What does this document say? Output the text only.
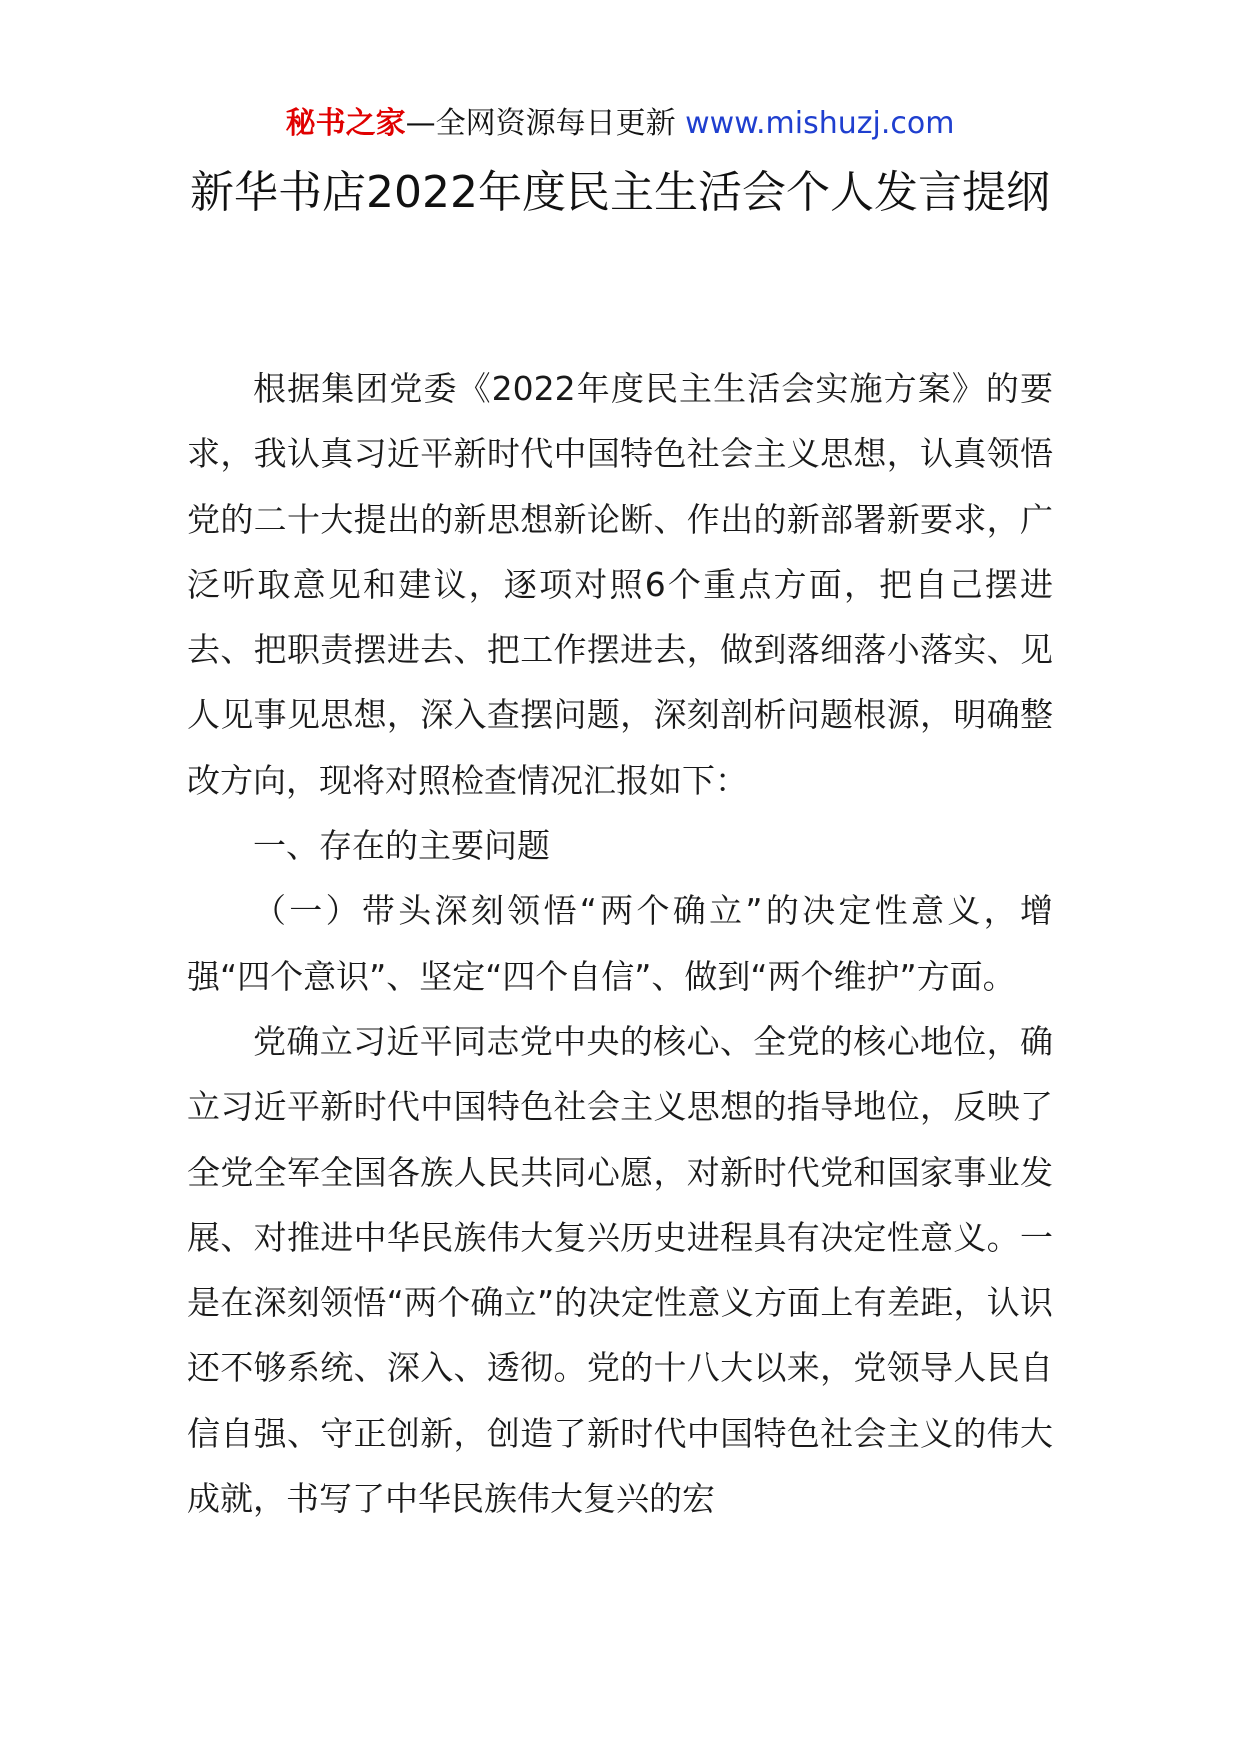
秘书之家—全网资源每日更新 www.mishuzj.com
新华书店2022年度民主生活会个人发言提纲

根据集团党委《2022年度民主生活会实施方案》的要求，我认真习近平新时代中国特色社会主义思想，认真领悟党的二十大提出的新思想新论断、作出的新部署新要求，广泛听取意见和建议，逐项对照6个重点方面，把自己摆进去、把职责摆进去、把工作摆进去，做到落细落小落实、见人见事见思想，深入查摆问题，深刻剖析问题根源，明确整改方向，现将对照检查情况汇报如下：

一、存在的主要问题

（一）带头深刻领悟“两个确立”的决定性意义，增强“四个意识”、坚定“四个自信”、做到“两个维护”方面。

党确立习近平同志党中央的核心、全党的核心地位，确立习近平新时代中国特色社会主义思想的指导地位，反映了全党全军全国各族人民共同心愿，对新时代党和国家事业发展、对推进中华民族伟大复兴历史进程具有决定性意义。一是在深刻领悟“两个确立”的决定性意义方面上有差距，认识还不够系统、深入、透彻。党的十八大以来，党领导人民自信自强、守正创新，创造了新时代中国特色社会主义的伟大成就，书写了中华民族伟大复兴的宏
